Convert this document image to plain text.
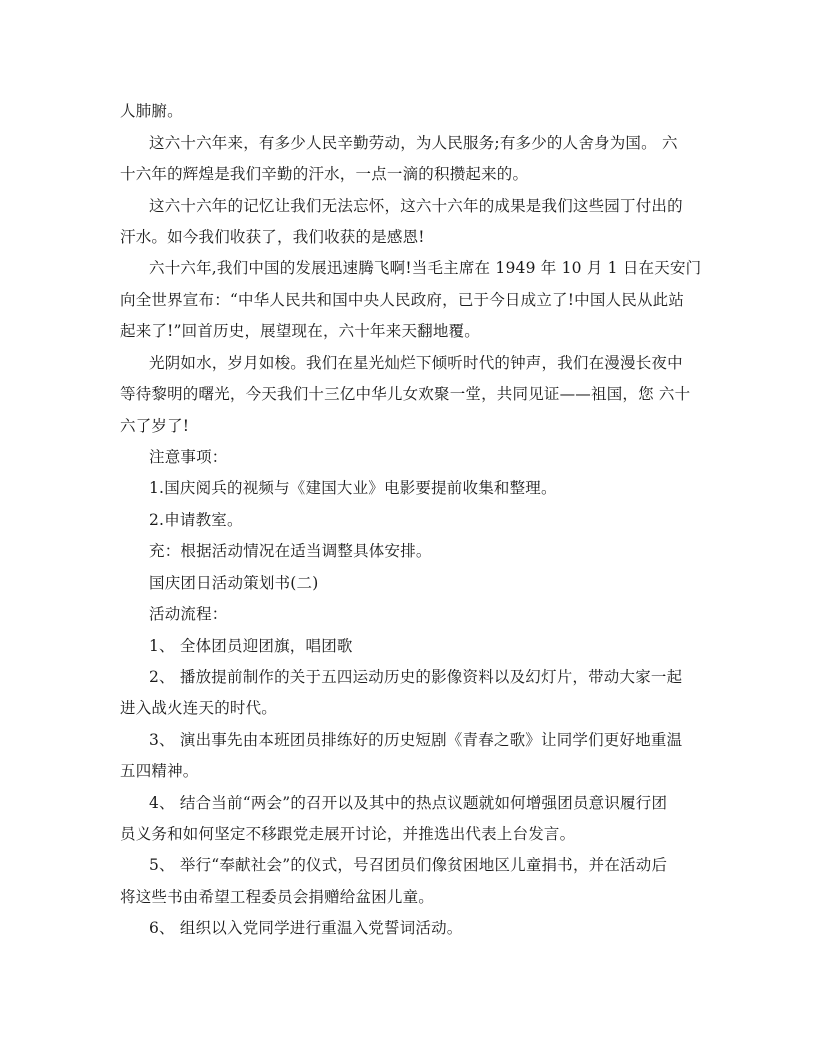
人肺腑。
这六十六年来，有多少人民辛勤劳动，为人民服务;有多少的人舍身为国。 六
十六年的辉煌是我们辛勤的汗水，一点一滴的积攒起来的。
这六十六年的记忆让我们无法忘怀，这六十六年的成果是我们这些园丁付出的
汗水。如今我们收获了，我们收获的是感恩!
六十六年,我们中国的发展迅速腾飞啊!当毛主席在 1949 年 10 月 1 日在天安门
向全世界宣布：“中华人民共和国中央人民政府，已于今日成立了!中国人民从此站
起来了!”回首历史，展望现在，六十年来天翻地覆。
光阴如水，岁月如梭。我们在星光灿烂下倾听时代的钟声，我们在漫漫长夜中
等待黎明的曙光，今天我们十三亿中华儿女欢聚一堂，共同见证——祖国，您 六十
六了岁了!
注意事项：
1.国庆阅兵的视频与《建国大业》电影要提前收集和整理。
2.申请教室。
充：根据活动情况在适当调整具体安排。
国庆团日活动策划书(二)
活动流程：
1、 全体团员迎团旗，唱团歌
2、 播放提前制作的关于五四运动历史的影像资料以及幻灯片，带动大家一起
进入战火连天的时代。
3、 演出事先由本班团员排练好的历史短剧《青春之歌》让同学们更好地重温
五四精神。
4、 结合当前“两会”的召开以及其中的热点议题就如何增强团员意识履行团
员义务和如何坚定不移跟党走展开讨论，并推选出代表上台发言。
5、 举行“奉献社会”的仪式，号召团员们像贫困地区儿童捐书，并在活动后
将这些书由希望工程委员会捐赠给盆困儿童。
6、 组织以入党同学进行重温入党誓词活动。
